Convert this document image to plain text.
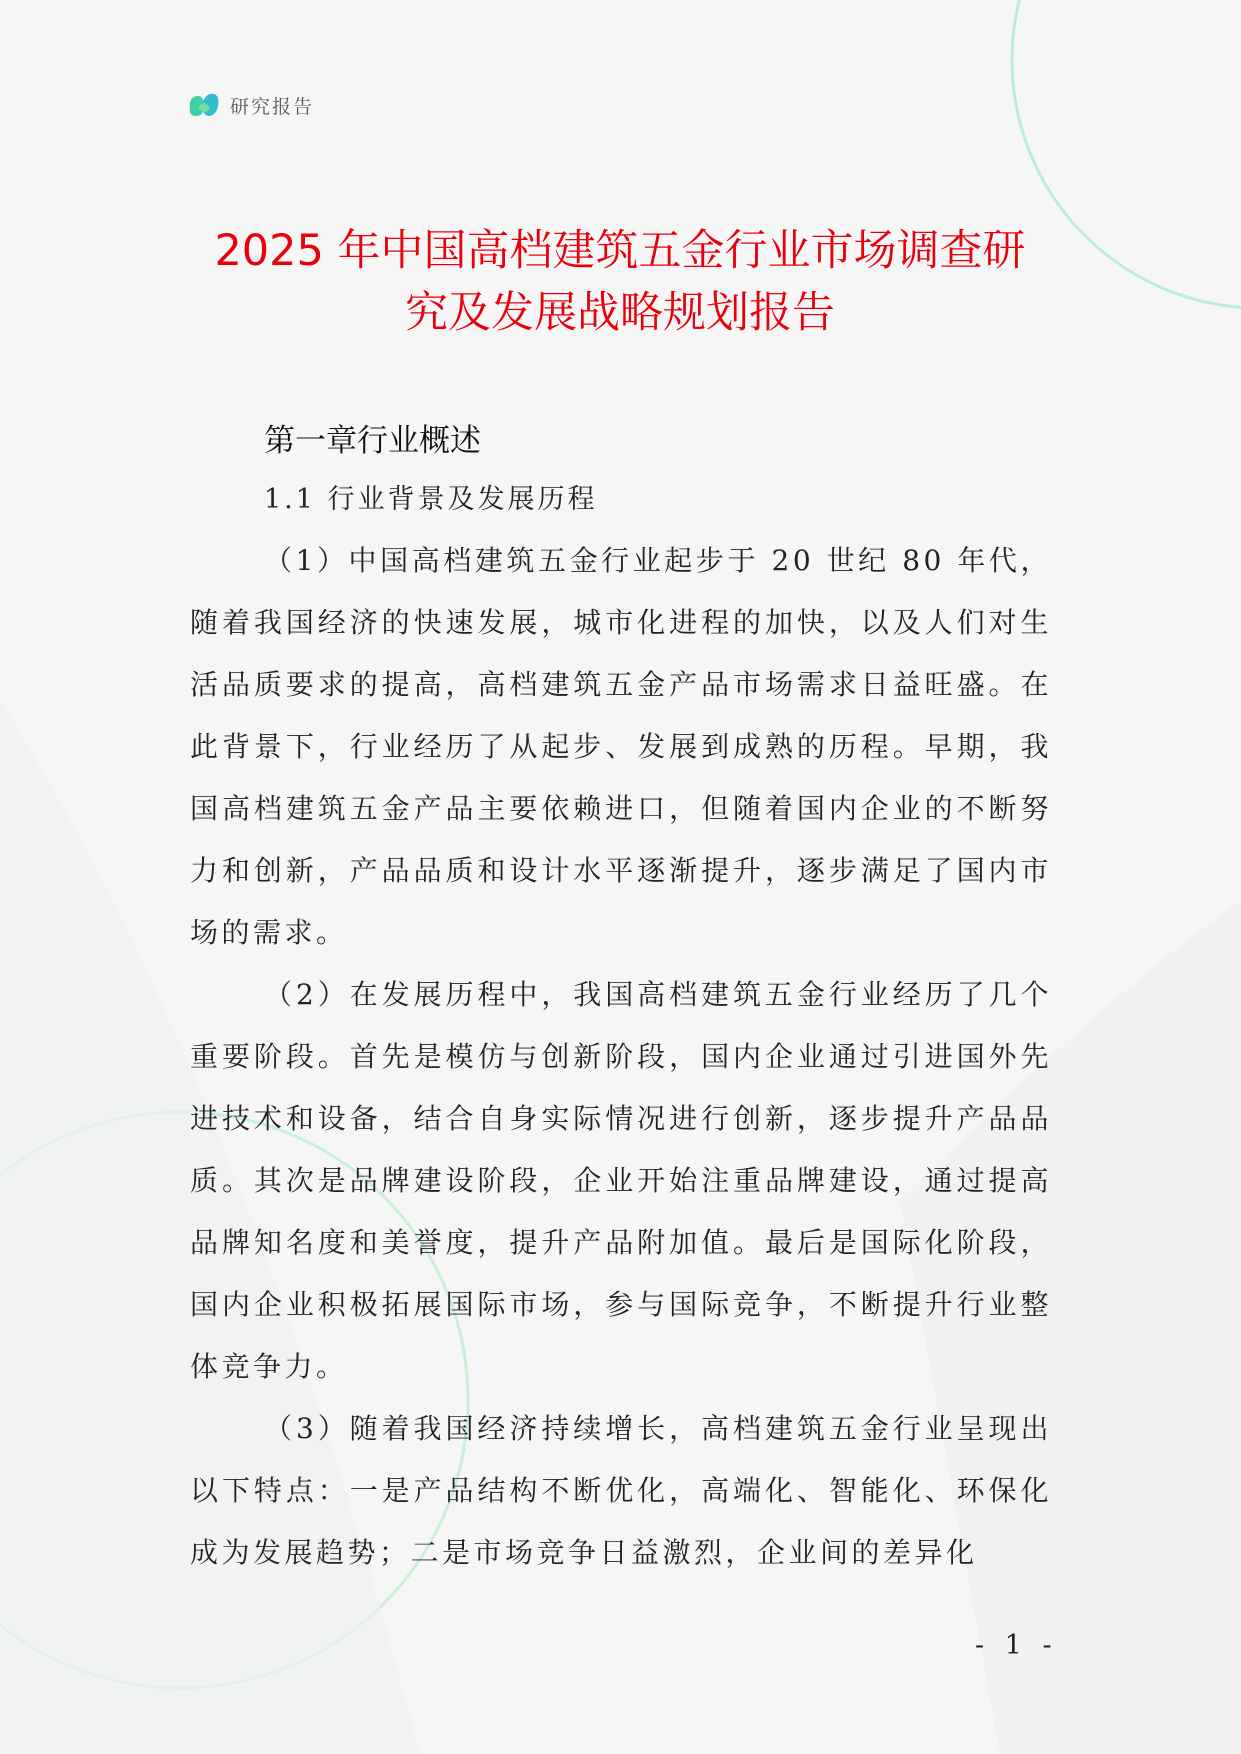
研究报告
2025 年中国高档建筑五金行业市场调查研
究及发展战略规划报告
第一章行业概述
1.1 行业背景及发展历程

（1）中国高档建筑五金行业起步于 20 世纪 80 年代，随着我国经济的快速发展，城市化进程的加快，以及人们对生活品质要求的提高，高档建筑五金产品市场需求日益旺盛。在此背景下，行业经历了从起步、发展到成熟的历程。早期，我国高档建筑五金产品主要依赖进口，但随着国内企业的不断努力和创新，产品品质和设计水平逐渐提升，逐步满足了国内市场的需求。

（2）在发展历程中，我国高档建筑五金行业经历了几个重要阶段。首先是模仿与创新阶段，国内企业通过引进国外先进技术和设备，结合自身实际情况进行创新，逐步提升产品品质。其次是品牌建设阶段，企业开始注重品牌建设，通过提高品牌知名度和美誉度，提升产品附加值。最后是国际化阶段，国内企业积极拓展国际市场，参与国际竞争，不断提升行业整体竞争力。

（3）随着我国经济持续增长，高档建筑五金行业呈现出以下特点：一是产品结构不断优化，高端化、智能化、环保化成为发展趋势；二是市场竞争日益激烈，企业间的差异化

- 1 -
